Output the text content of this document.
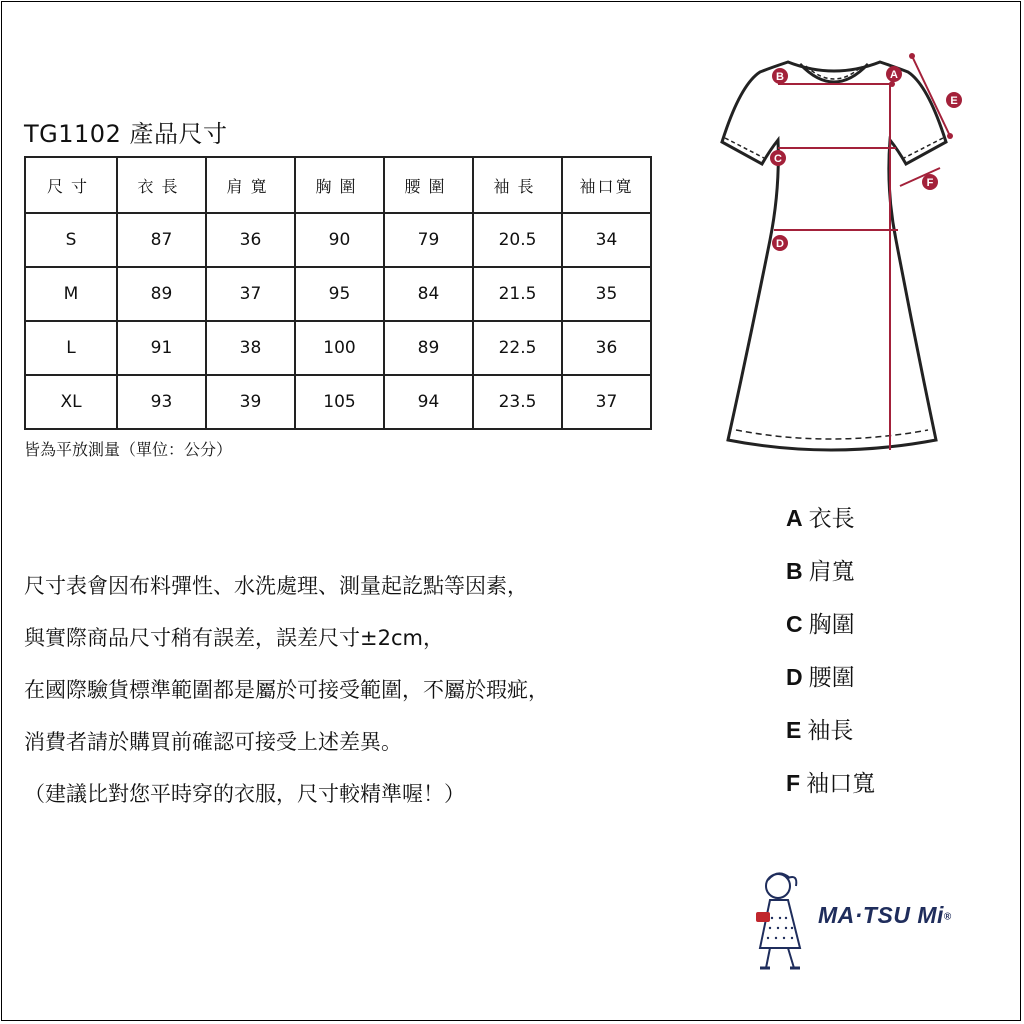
TG1102 產品尺寸
尺寸	衣長	肩寬	胸圍	腰圍	袖長	袖口寬
S	87	36	90	79	20.5	34
M	89	37	95	84	21.5	35
L	91	38	100	89	22.5	36
XL	93	39	105	94	23.5	37
皆為平放測量（單位：公分）
尺寸表會因布料彈性、水洗處理、測量起訖點等因素，
與實際商品尺寸稍有誤差，誤差尺寸±2cm，
在國際驗貨標準範圍都是屬於可接受範圍，不屬於瑕疵，
消費者請於購買前確認可接受上述差異。
（建議比對您平時穿的衣服，尺寸較精準喔！）
A
B
C
D
E
F
A 衣長
B 肩寬
C 胸圍
D 腰圍
E 袖長
F 袖口寬
MA·TSU Mi®
